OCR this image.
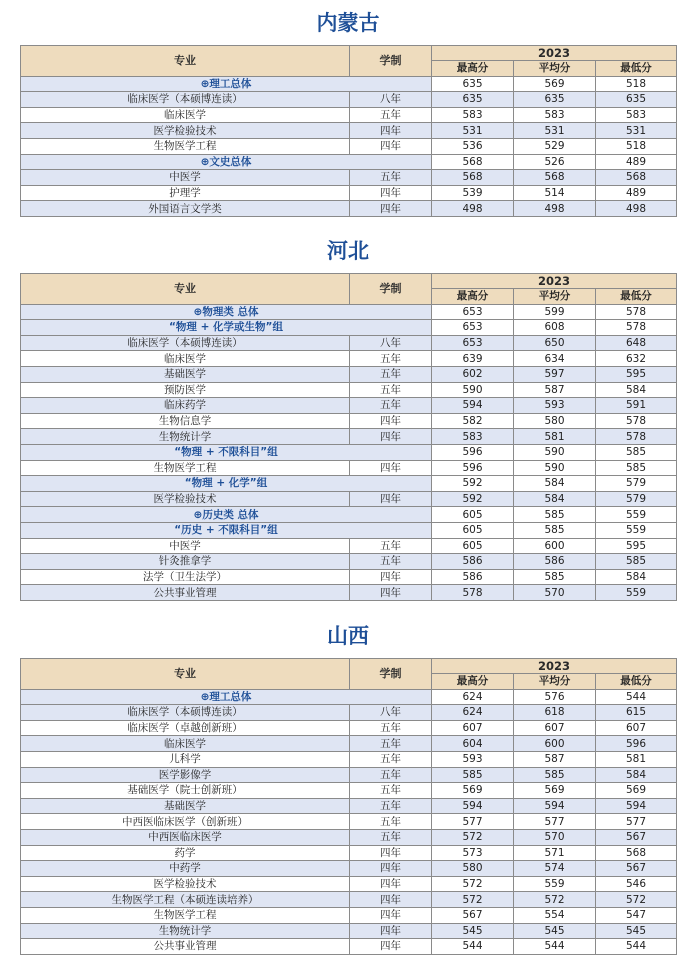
内蒙古
专业	学制	2023		
		最高分	平均分	最低分
⊕理工总体		635	569	518
临床医学（本硕博连读）	八年	635	635	635
临床医学	五年	583	583	583
医学检验技术	四年	531	531	531
生物医学工程	四年	536	529	518
⊕文史总体		568	526	489
中医学	五年	568	568	568
护理学	四年	539	514	489
外国语言文学类	四年	498	498	498
河北
专业	学制	2023		
		最高分	平均分	最低分
⊕物理类 总体		653	599	578
“物理 + 化学或生物”组		653	608	578
临床医学（本硕博连读）	八年	653	650	648
临床医学	五年	639	634	632
基础医学	五年	602	597	595
预防医学	五年	590	587	584
临床药学	五年	594	593	591
生物信息学	四年	582	580	578
生物统计学	四年	583	581	578
“物理 + 不限科目”组		596	590	585
生物医学工程	四年	596	590	585
“物理 + 化学”组		592	584	579
医学检验技术	四年	592	584	579
⊕历史类 总体		605	585	559
“历史 + 不限科目”组		605	585	559
中医学	五年	605	600	595
针灸推拿学	五年	586	586	585
法学（卫生法学）	四年	586	585	584
公共事业管理	四年	578	570	559
山西
专业	学制	2023		
		最高分	平均分	最低分
⊕理工总体		624	576	544
临床医学（本硕博连读）	八年	624	618	615
临床医学（卓越创新班）	五年	607	607	607
临床医学	五年	604	600	596
儿科学	五年	593	587	581
医学影像学	五年	585	585	584
基础医学（院士创新班）	五年	569	569	569
基础医学	五年	594	594	594
中西医临床医学（创新班）	五年	577	577	577
中西医临床医学	五年	572	570	567
药学	四年	573	571	568
中药学	四年	580	574	567
医学检验技术	四年	572	559	546
生物医学工程（本硕连读培养）	四年	572	572	572
生物医学工程	四年	567	554	547
生物统计学	四年	545	545	545
公共事业管理	四年	544	544	544
